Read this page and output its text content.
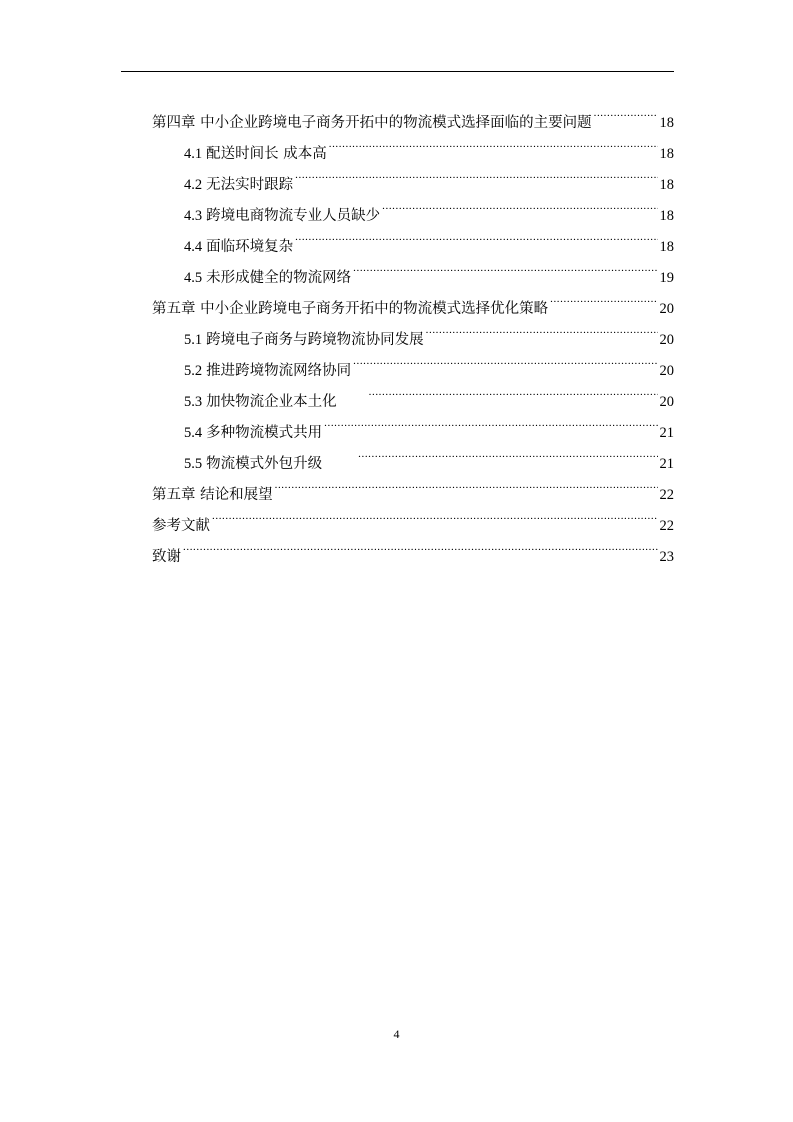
第四章 中小企业跨境电子商务开拓中的物流模式选择面临的主要问题 .....	18
4.1 配送时间长 成本高 .....	18
4.2 无法实时跟踪 .....	18
4.3 跨境电商物流专业人员缺少 .....	18
4.4 面临环境复杂 .....	18
4.5 未形成健全的物流网络 .....	19
第五章 中小企业跨境电子商务开拓中的物流模式选择优化策略 .....	20
5.1 跨境电子商务与跨境物流协同发展 .....	20
5.2 推进跨境物流网络协同 .....	20
5.3 加快物流企业本土化 .....	20
5.4 多种物流模式共用 .....	21
5.5 物流模式外包升级 .....	21
第五章 结论和展望 .....	22
参考文献 .....	22
致谢 .....	23
4
